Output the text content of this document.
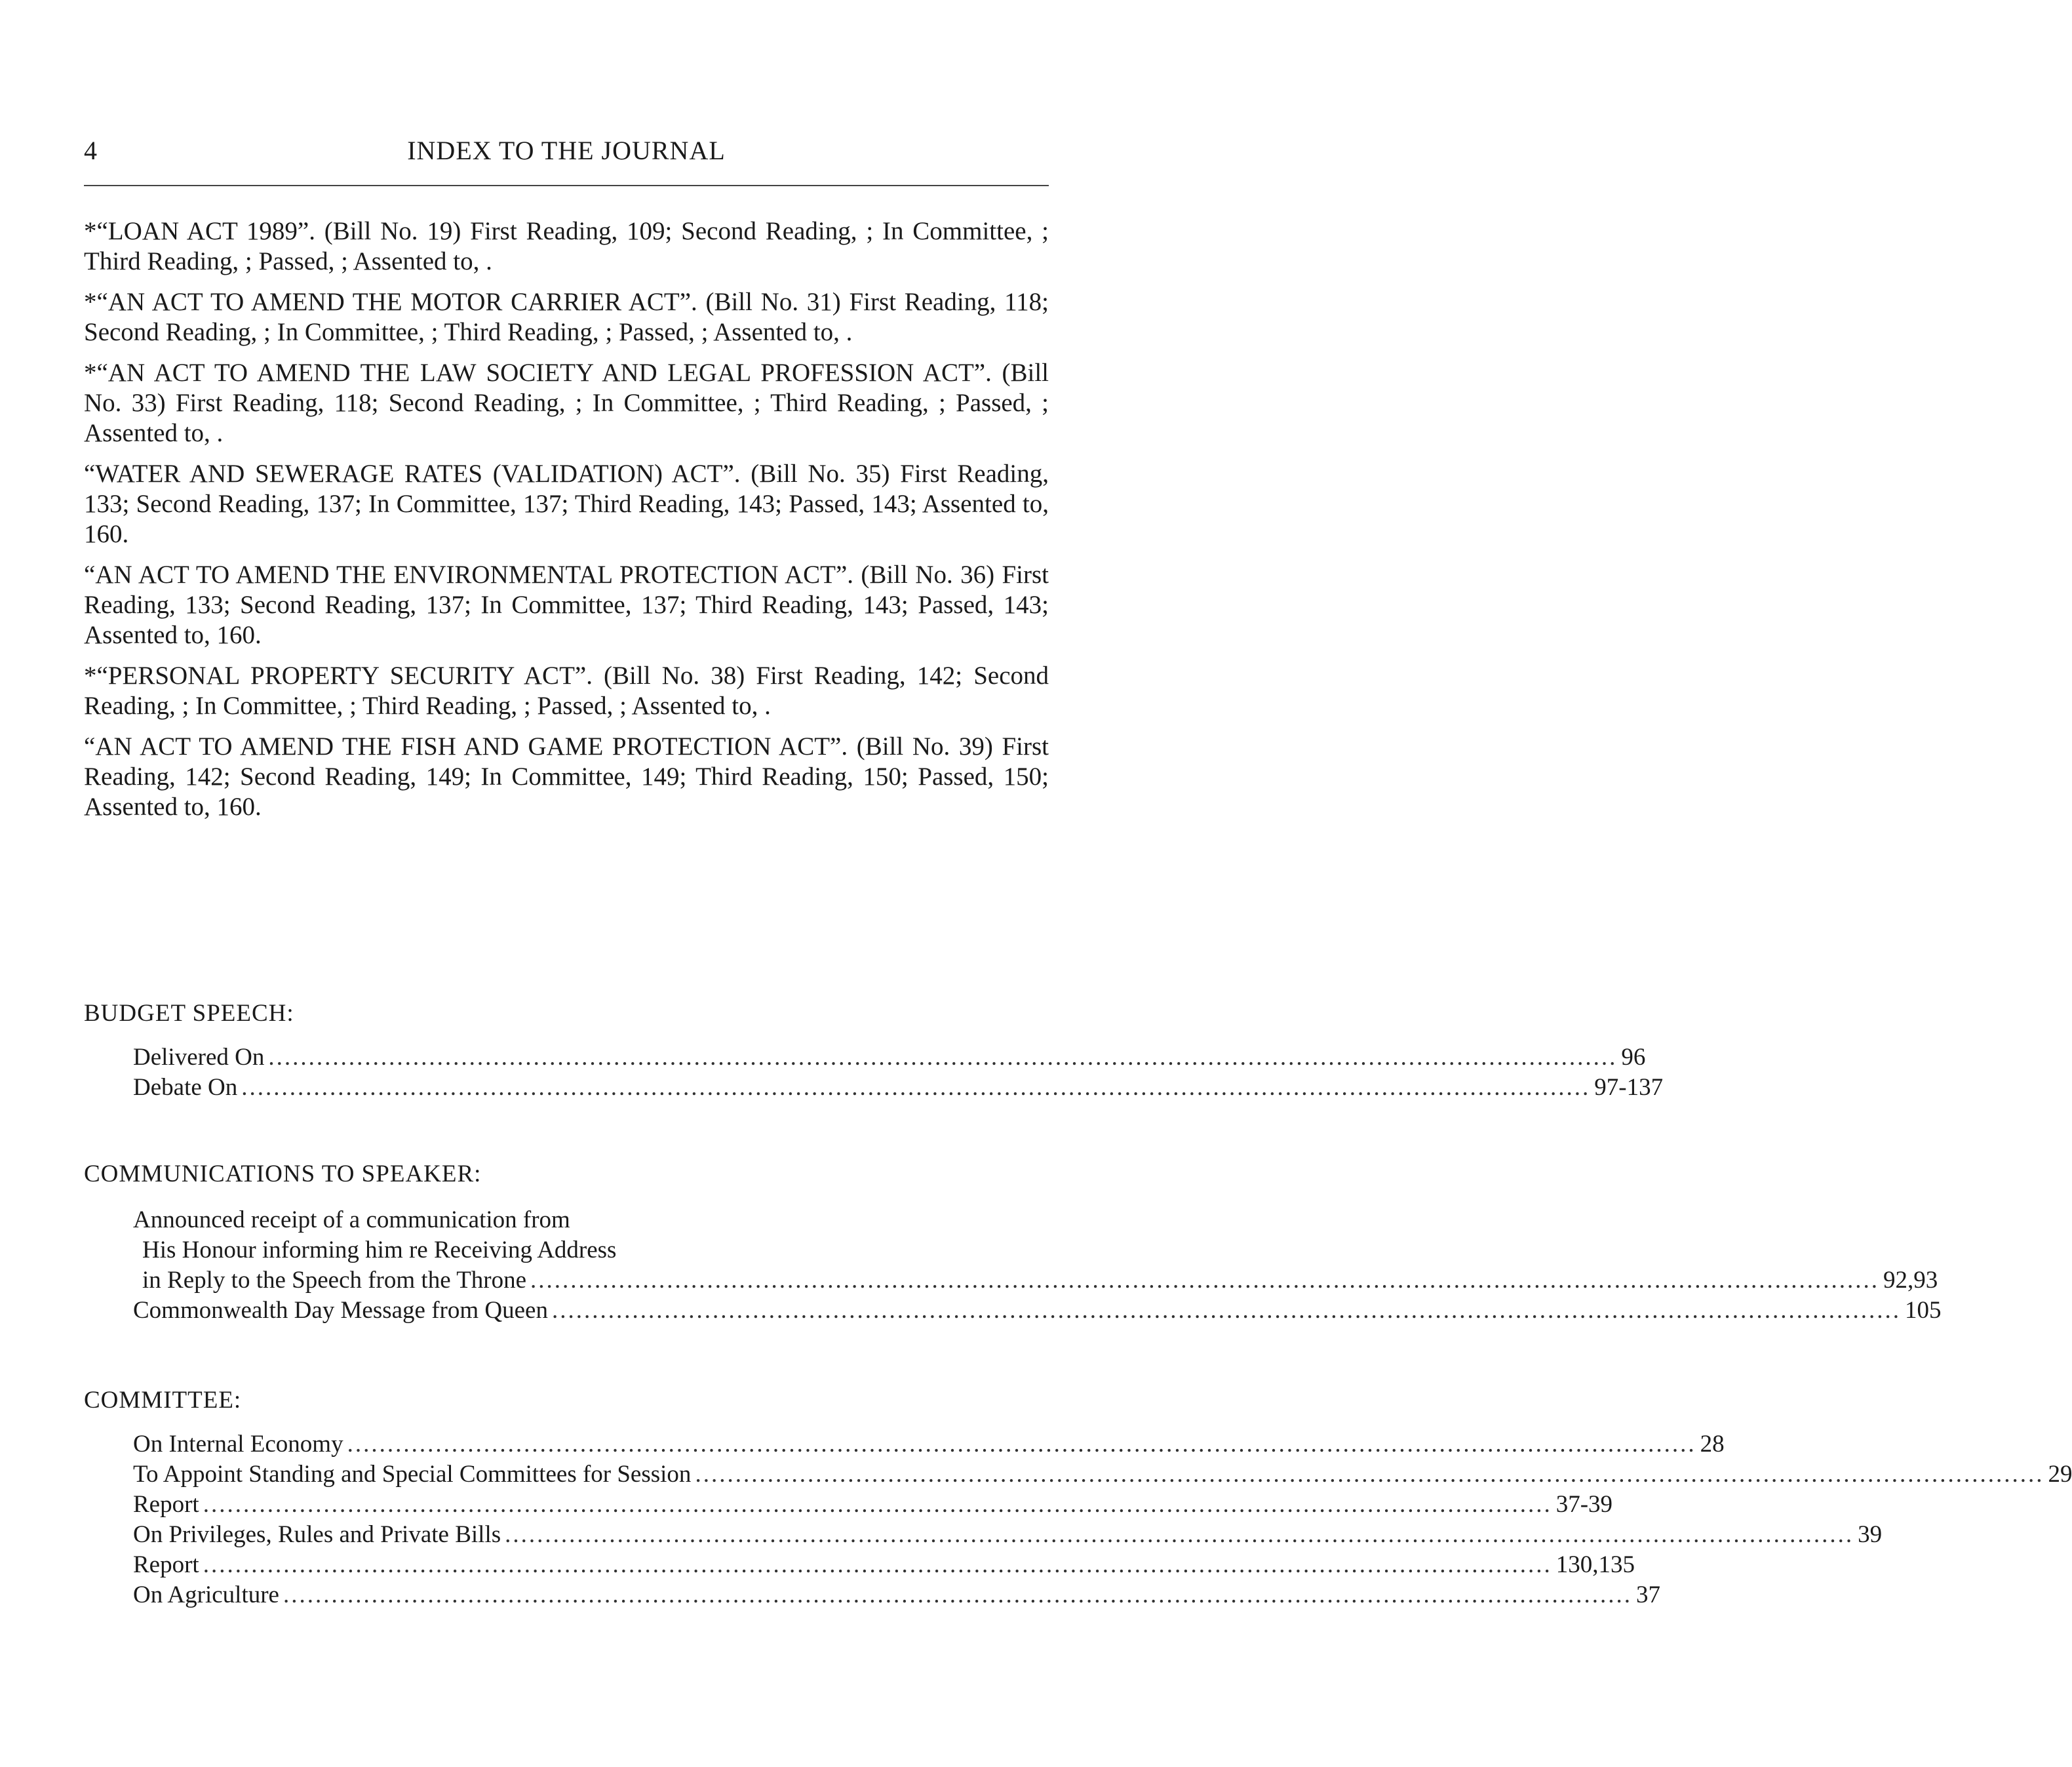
4	INDEX TO THE JOURNAL

*“LOAN ACT 1989”. (Bill No. 19) First Reading, 109; Second Reading, ; In Committee, ; Third Reading, ; Passed, ; Assented to, .

*“AN ACT TO AMEND THE MOTOR CARRIER ACT”. (Bill No. 31) First Reading, 118; Second Reading, ; In Committee, ; Third Reading, ; Passed, ; Assented to, .

*“AN ACT TO AMEND THE LAW SOCIETY AND LEGAL PROFESSION ACT”. (Bill No. 33) First Reading, 118; Second Reading, ; In Committee, ; Third Reading, ; Passed, ; Assented to, .

“WATER AND SEWERAGE RATES (VALIDATION) ACT”. (Bill No. 35) First Reading, 133; Second Reading, 137; In Committee, 137; Third Reading, 143; Passed, 143; Assented to, 160.

“AN ACT TO AMEND THE ENVIRONMENTAL PROTECTION ACT”. (Bill No. 36) First Reading, 133; Second Reading, 137; In Committee, 137; Third Reading, 143; Passed, 143; Assented to, 160.

*“PERSONAL PROPERTY SECURITY ACT”. (Bill No. 38) First Reading, 142; Second Reading, ; In Committee, ; Third Reading, ; Passed, ; Assented to, .

“AN ACT TO AMEND THE FISH AND GAME PROTECTION ACT”. (Bill No. 39) First Reading, 142; Second Reading, 149; In Committee, 149; Third Reading, 150; Passed, 150; Assented to, 160.

BUDGET SPEECH:
Delivered On ........................................................................................................................................................................ 96
Debate On ........................................................................................................................................................................ 97-137
COMMUNICATIONS TO SPEAKER:
Announced receipt of a communication from
His Honour informing him re Receiving Address
in Reply to the Speech from the Throne ........................................................................................................................................................................ 92,93
Commonwealth Day Message from Queen ........................................................................................................................................................................ 105
COMMITTEE:
On Internal Economy ........................................................................................................................................................................ 28
To Appoint Standing and Special Committees for Session ........................................................................................................................................................................ 29
Report ........................................................................................................................................................................ 37-39
On Privileges, Rules and Private Bills ........................................................................................................................................................................ 39
Report ........................................................................................................................................................................ 130,135
On Agriculture ........................................................................................................................................................................ 37
